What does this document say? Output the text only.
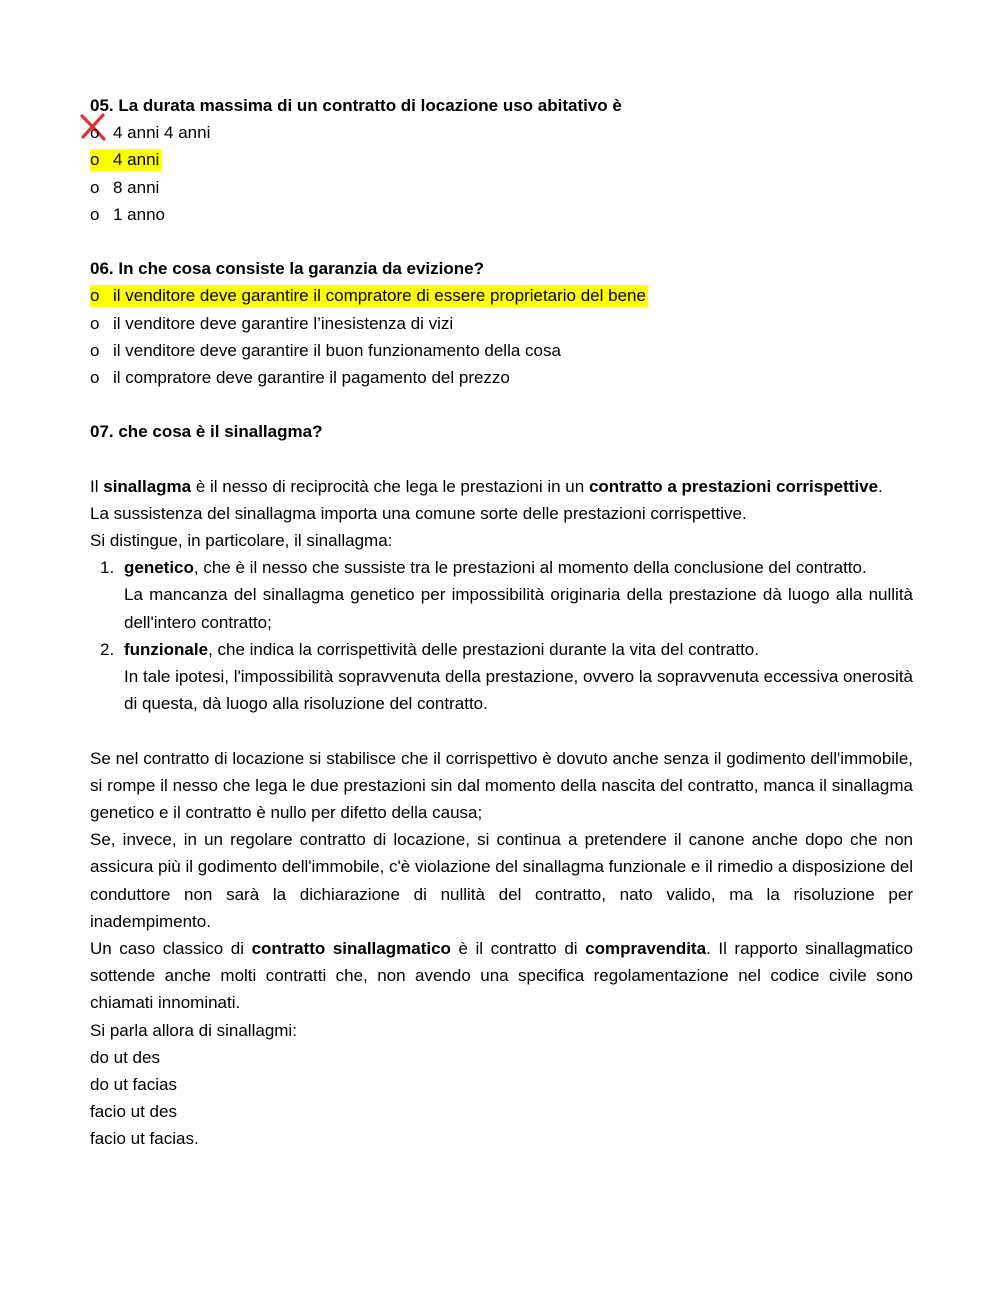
05. La durata massima di un contratto di locazione uso abitativo è
o 4 anni 4 anni
o 4 anni
o 8 anni
o 1 anno
06. In che cosa consiste la garanzia da evizione?
o il venditore deve garantire il compratore di essere proprietario del bene
o il venditore deve garantire l’inesistenza di vizi
o il venditore deve garantire il buon funzionamento della cosa
o il compratore deve garantire il pagamento del prezzo
07. che cosa è il sinallagma?

Il sinallagma è il nesso di reciprocità che lega le prestazioni in un contratto a prestazioni corrispettive.

La sussistenza del sinallagma importa una comune sorte delle prestazioni corrispettive.

Si distingue, in particolare, il sinallagma:

1. genetico, che è il nesso che sussiste tra le prestazioni al momento della conclusione del contratto.
La mancanza del sinallagma genetico per impossibilità originaria della prestazione dà luogo alla nullità dell'intero contratto;
2. funzionale, che indica la corrispettività delle prestazioni durante la vita del contratto.
In tale ipotesi, l'impossibilità sopravvenuta della prestazione, ovvero la sopravvenuta eccessiva onerosità di questa, dà luogo alla risoluzione del contratto.

Se nel contratto di locazione si stabilisce che il corrispettivo è dovuto anche senza il godimento dell'immobile, si rompe il nesso che lega le due prestazioni sin dal momento della nascita del contratto, manca il sinallagma genetico e il contratto è nullo per difetto della causa;

Se, invece, in un regolare contratto di locazione, si continua a pretendere il canone anche dopo che non assicura più il godimento dell'immobile, c'è violazione del sinallagma funzionale e il rimedio a disposizione del conduttore non sarà la dichiarazione di nullità del contratto, nato valido, ma la risoluzione per inadempimento.

Un caso classico di contratto sinallagmatico è il contratto di compravendita. Il rapporto sinallagmatico sottende anche molti contratti che, non avendo una specifica regolamentazione nel codice civile sono chiamati innominati.

Si parla allora di sinallagmi:

do ut des
do ut facias
facio ut des
facio ut facias.
